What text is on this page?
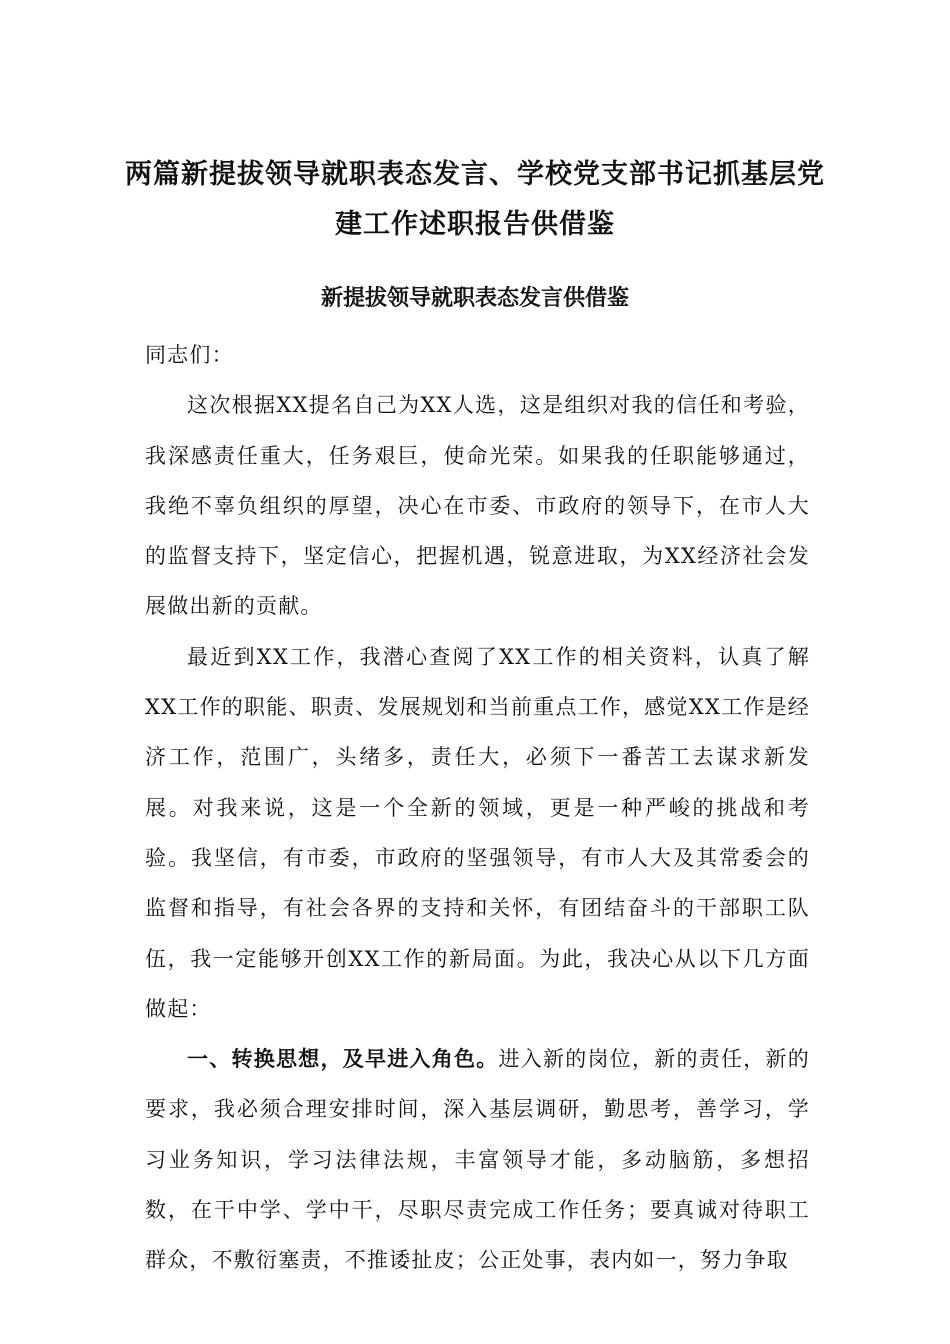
两篇新提拔领导就职表态发言、学校党支部书记抓基层党建工作述职报告供借鉴
新提拔领导就职表态发言供借鉴

同志们：

这次根据XX提名自己为XX人选，这是组织对我的信任和考验，我深感责任重大，任务艰巨，使命光荣。如果我的任职能够通过，我绝不辜负组织的厚望，决心在市委、市政府的领导下，在市人大的监督支持下，坚定信心，把握机遇，锐意进取，为XX经济社会发展做出新的贡献。

最近到XX工作，我潜心查阅了XX工作的相关资料，认真了解XX工作的职能、职责、发展规划和当前重点工作，感觉XX工作是经济工作，范围广，头绪多，责任大，必须下一番苦工去谋求新发展。对我来说，这是一个全新的领域，更是一种严峻的挑战和考验。我坚信，有市委，市政府的坚强领导，有市人大及其常委会的监督和指导，有社会各界的支持和关怀，有团结奋斗的干部职工队伍，我一定能够开创XX工作的新局面。为此，我决心从以下几方面做起：

一、转换思想，及早进入角色。进入新的岗位，新的责任，新的要求，我必须合理安排时间，深入基层调研，勤思考，善学习，学习业务知识，学习法律法规，丰富领导才能，多动脑筋，多想招数，在干中学、学中干，尽职尽责完成工作任务；要真诚对待职工群众，不敷衍塞责，不推诿扯皮；公正处事，表内如一，努力争取
